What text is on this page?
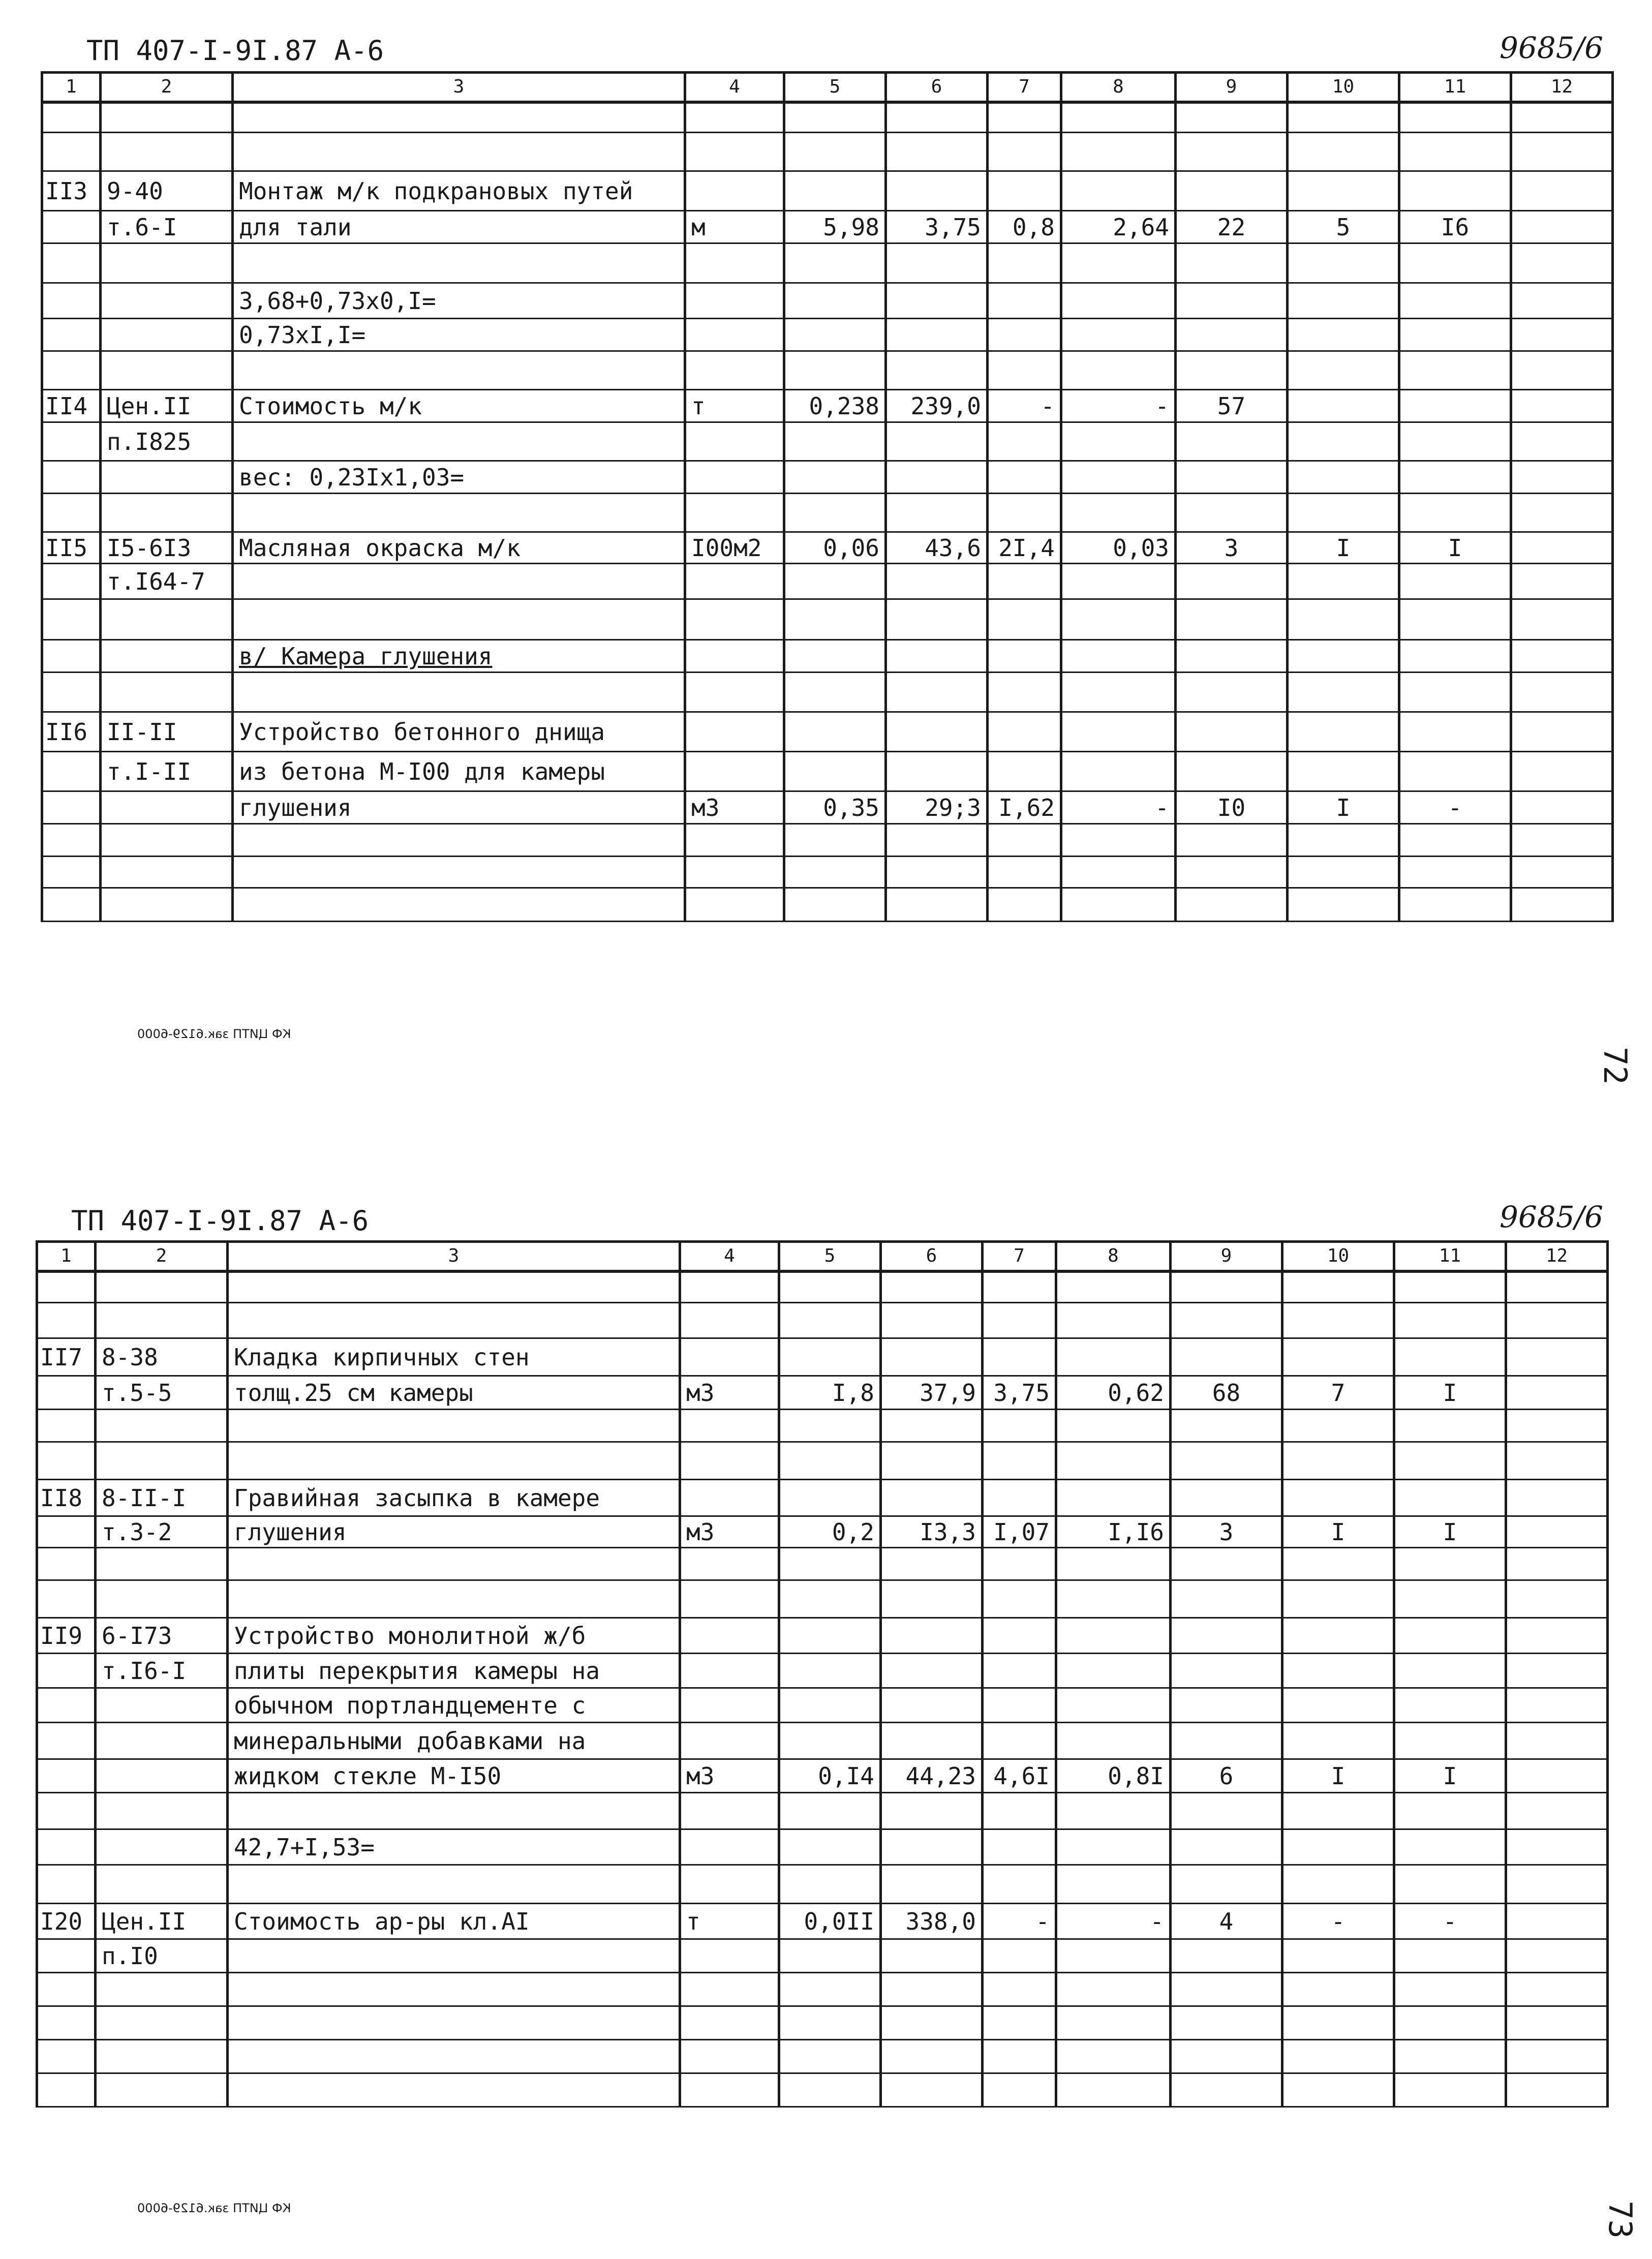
ТП 407-I-9I.87 А-6	9685/6
1	2	3	4	5	6	7	8	9	10	11	12

II3	9-40	Монтаж м/к подкрановых путей									
	т.6-I	для тали	м	5,98	3,75	0,8	2,64	22	5	I6	

		3,68+0,73х0,I=									
		0,73хI,I=									

II4	Цен.II	Стоимость м/к	т	0,238	239,0	-	-	57			
	п.I825										
		вес: 0,23Iх1,03=									

II5	I5-6I3	Масляная окраска м/к	I00м2	0,06	43,6	2I,4	0,03	3	I	I	
	т.I64-7										

		в/ Камера глушения									

II6	II-II	Устройство бетонного днища									
	т.I-II	из бетона М-I00 для камеры									
		глушения	м3	0,35	29;3	I,62	-	I0	I	-	

КФ ЦИТП зак.6129-6000
72
ТП 407-I-9I.87 А-6	9685/6
1	2	3	4	5	6	7	8	9	10	11	12

II7	8-38	Кладка кирпичных стен									
	т.5-5	толщ.25 см камеры	м3	I,8	37,9	3,75	0,62	68	7	I	

II8	8-II-I	Гравийная засыпка в камере									
	т.3-2	глушения	м3	0,2	I3,3	I,07	I,I6	3	I	I	

II9	6-I73	Устройство монолитной ж/б									
	т.I6-I	плиты перекрытия камеры на									
		обычном портландцементе с									
		минеральными добавками на									
		жидком стекле М-I50	м3	0,I4	44,23	4,6I	0,8I	6	I	I	

		42,7+I,53=									

I20	Цен.II	Стоимость ар-ры кл.АI	т	0,0II	338,0	-	-	4	-	-	
	п.I0										

КФ ЦИТП зак.6129-6000	73
